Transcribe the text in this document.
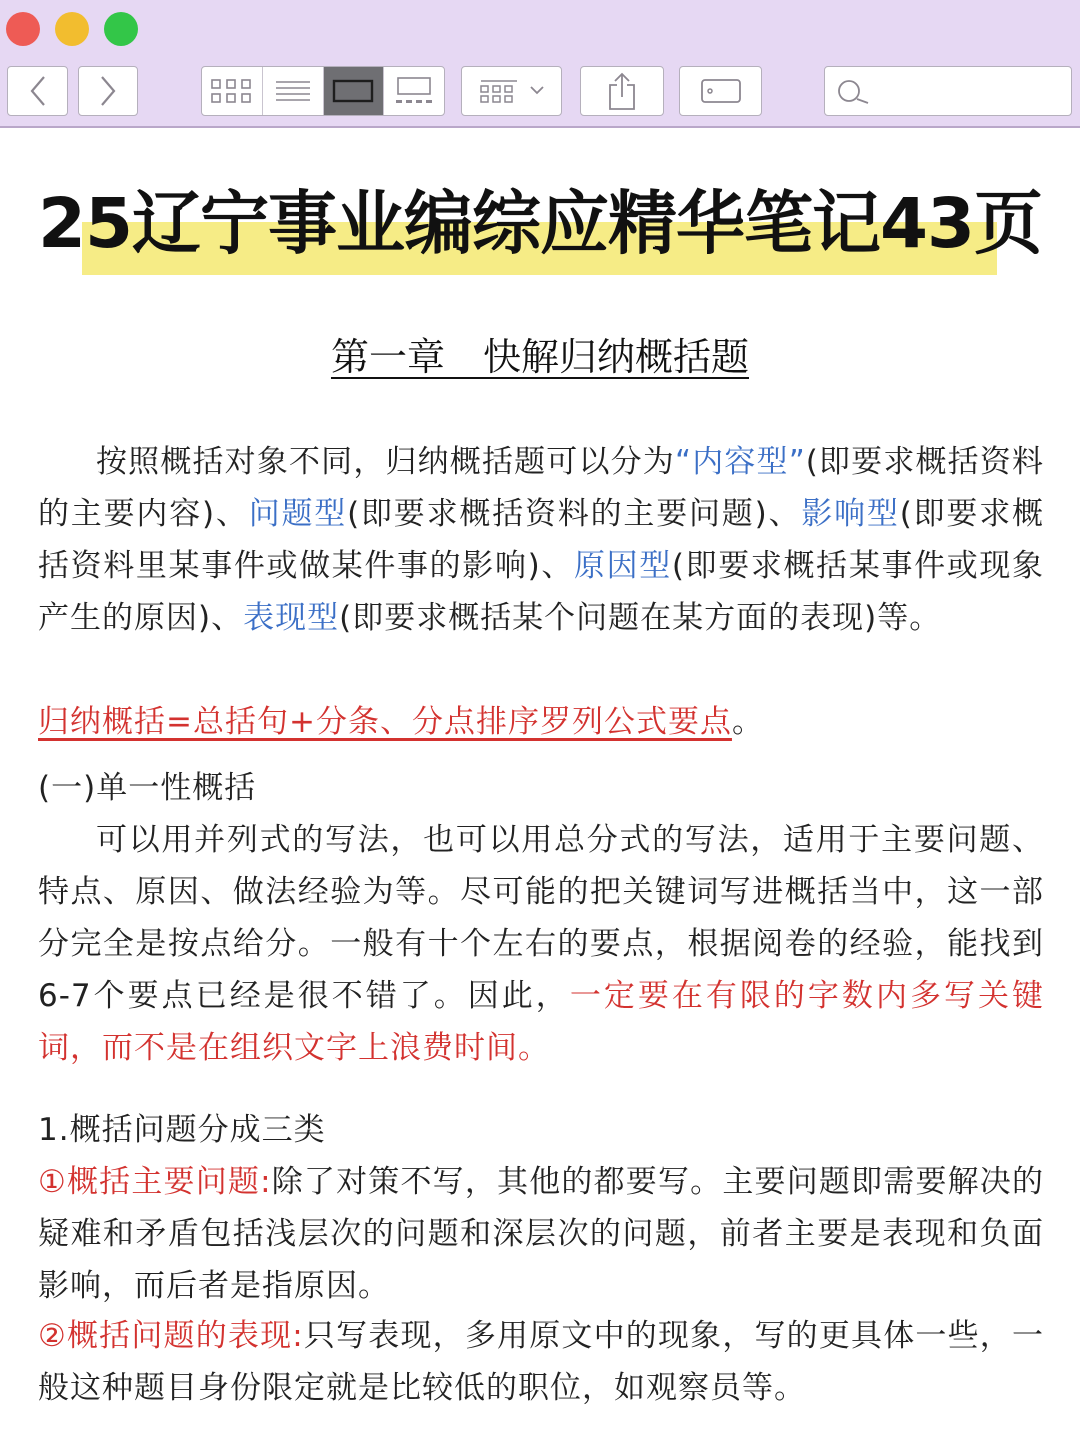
25辽宁事业编综应精华笔记43页
第一章　快解归纳概括题

按照概括对象不同，归纳概括题可以分为“内容型”(即要求概括资料的主要内容)、问题型(即要求概括资料的主要问题)、影响型(即要求概括资料里某事件或做某件事的影响)、原因型(即要求概括某事件或现象产生的原因)、表现型(即要求概括某个问题在某方面的表现)等。

归纳概括=总括句+分条、分点排序罗列公式要点。

(一)单一性概括

可以用并列式的写法，也可以用总分式的写法，适用于主要问题、特点、原因、做法经验为等。尽可能的把关键词写进概括当中，这一部分完全是按点给分。一般有十个左右的要点，根据阅卷的经验，能找到6-7个要点已经是很不错了。因此，一定要在有限的字数内多写关键词，而不是在组织文字上浪费时间。

1.概括问题分成三类

①概括主要问题:除了对策不写，其他的都要写。主要问题即需要解决的疑难和矛盾包括浅层次的问题和深层次的问题，前者主要是表现和负面影响，而后者是指原因。

②概括问题的表现:只写表现，多用原文中的现象，写的更具体一些，一般这种题目身份限定就是比较低的职位，如观察员等。
